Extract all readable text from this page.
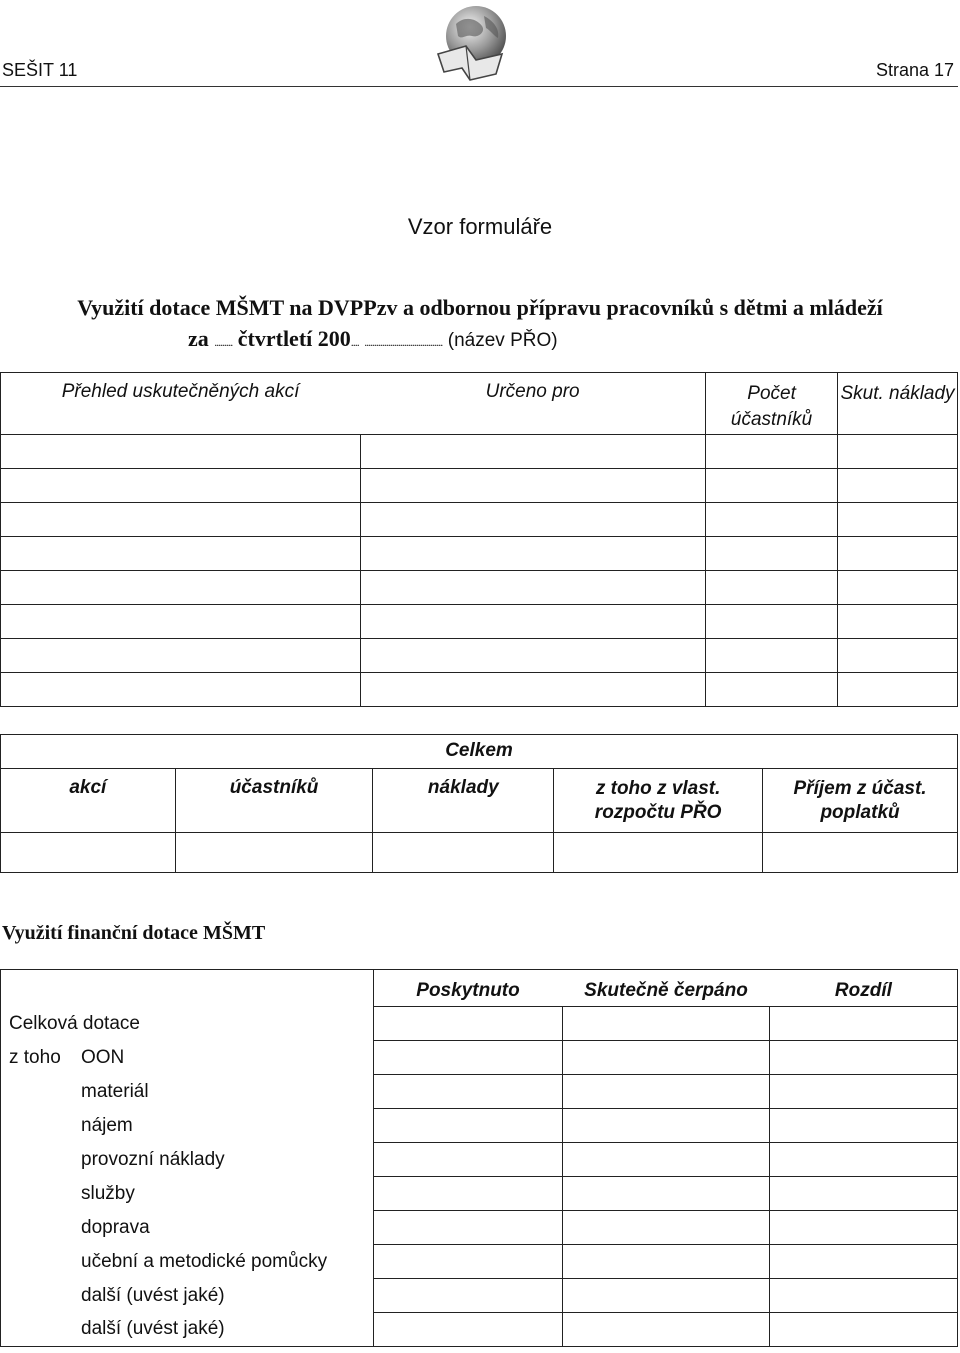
SEŠIT 11	Strana 17
Vzor formuláře
Využití dotace MŠMT na DVPPzv a odbornou přípravu pracovníků s dětmi a mládeží
za ......... čtvrtletí 200.... ....................................... (název PŘO)
Přehled uskutečněných akcí	Určeno pro	Počet účastníků	Skut. náklady

Celkem				
akcí	účastníků	náklady	z toho z vlast. rozpočtu PŘO	Příjem z účast. poplatků

Využití finanční dotace MŠMT
	Poskytnuto	Skutečně čerpáno	Rozdíl
Celková dotace			
z toho OON			
materiál			
nájem			
provozní náklady			
služby			
doprava			
učební a metodické pomůcky			
další (uvést jaké)			
další (uvést jaké)			
